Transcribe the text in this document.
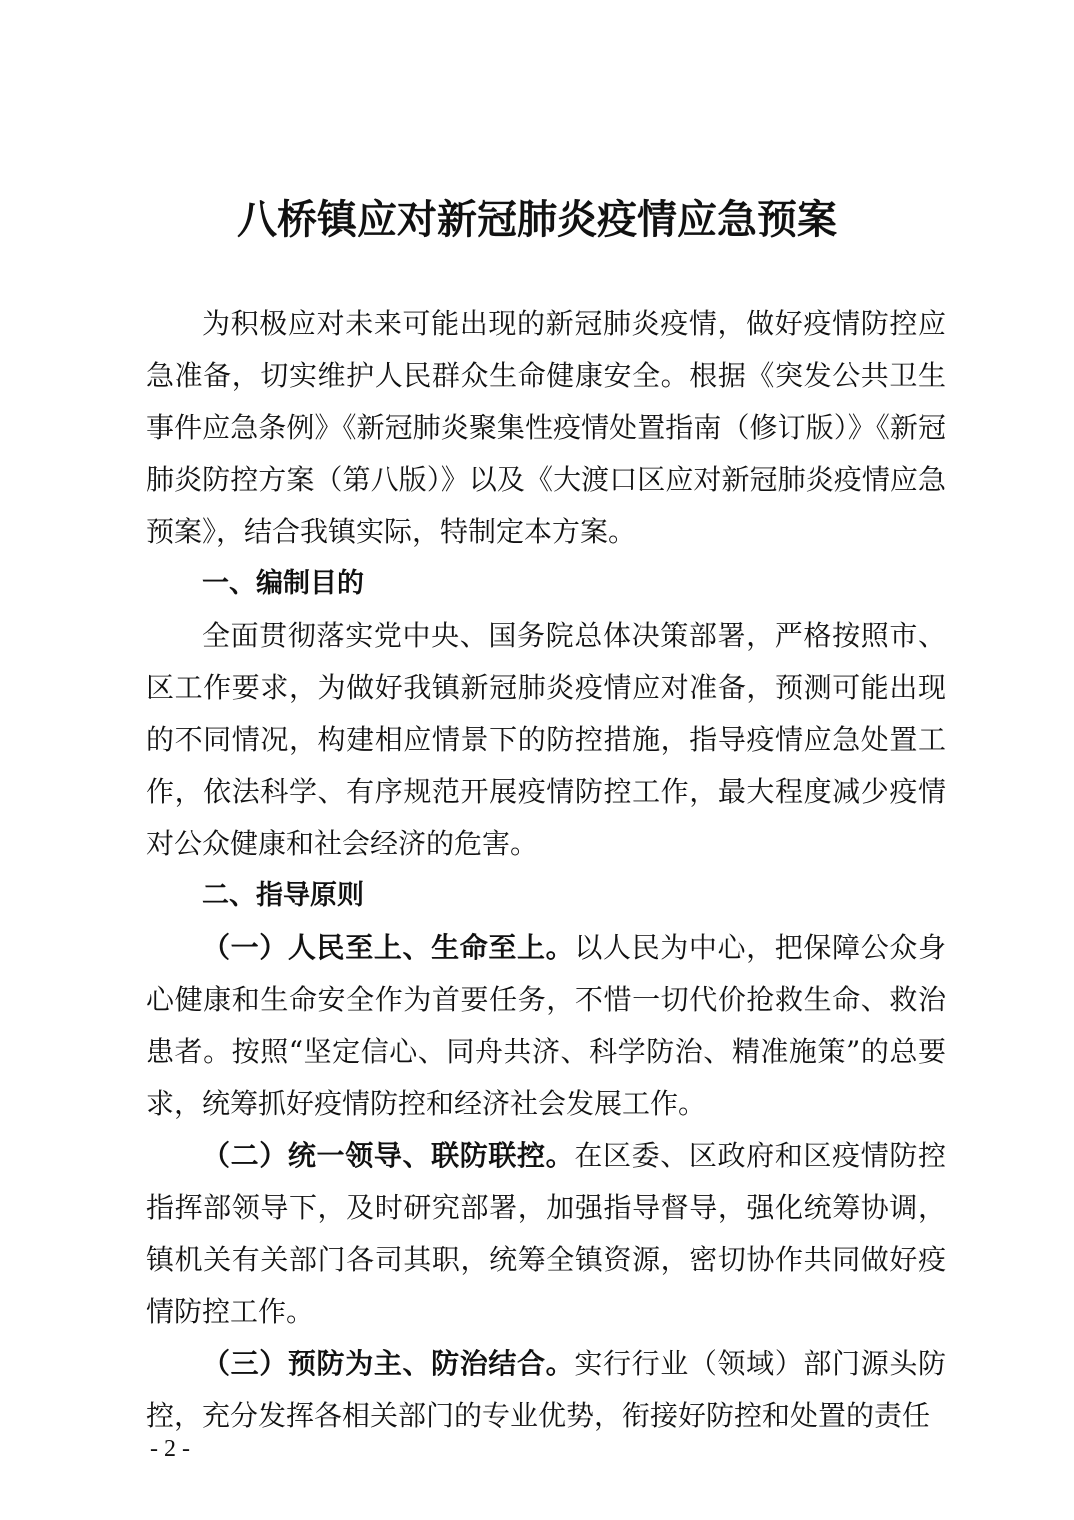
八桥镇应对新冠肺炎疫情应急预案

为积极应对未来可能出现的新冠肺炎疫情，做好疫情防控应急准备，切实维护人民群众生命健康安全。根据《突发公共卫生事件应急条例》《新冠肺炎聚集性疫情处置指南（修订版）》《新冠肺炎防控方案（第八版）》以及《大渡口区应对新冠肺炎疫情应急预案》，结合我镇实际，特制定本方案。

一、编制目的

全面贯彻落实党中央、国务院总体决策部署，严格按照市、区工作要求，为做好我镇新冠肺炎疫情应对准备，预测可能出现的不同情况，构建相应情景下的防控措施，指导疫情应急处置工作，依法科学、有序规范开展疫情防控工作，最大程度减少疫情对公众健康和社会经济的危害。

二、指导原则

（一）人民至上、生命至上。以人民为中心，把保障公众身心健康和生命安全作为首要任务，不惜一切代价抢救生命、救治患者。按照“坚定信心、同舟共济、科学防治、精准施策”的总要求，统筹抓好疫情防控和经济社会发展工作。

（二）统一领导、联防联控。在区委、区政府和区疫情防控指挥部领导下，及时研究部署，加强指导督导，强化统筹协调，镇机关有关部门各司其职，统筹全镇资源，密切协作共同做好疫情防控工作。

（三）预防为主、防治结合。实行行业（领域）部门源头防控，充分发挥各相关部门的专业优势，衔接好防控和处置的责任

- 2 -
